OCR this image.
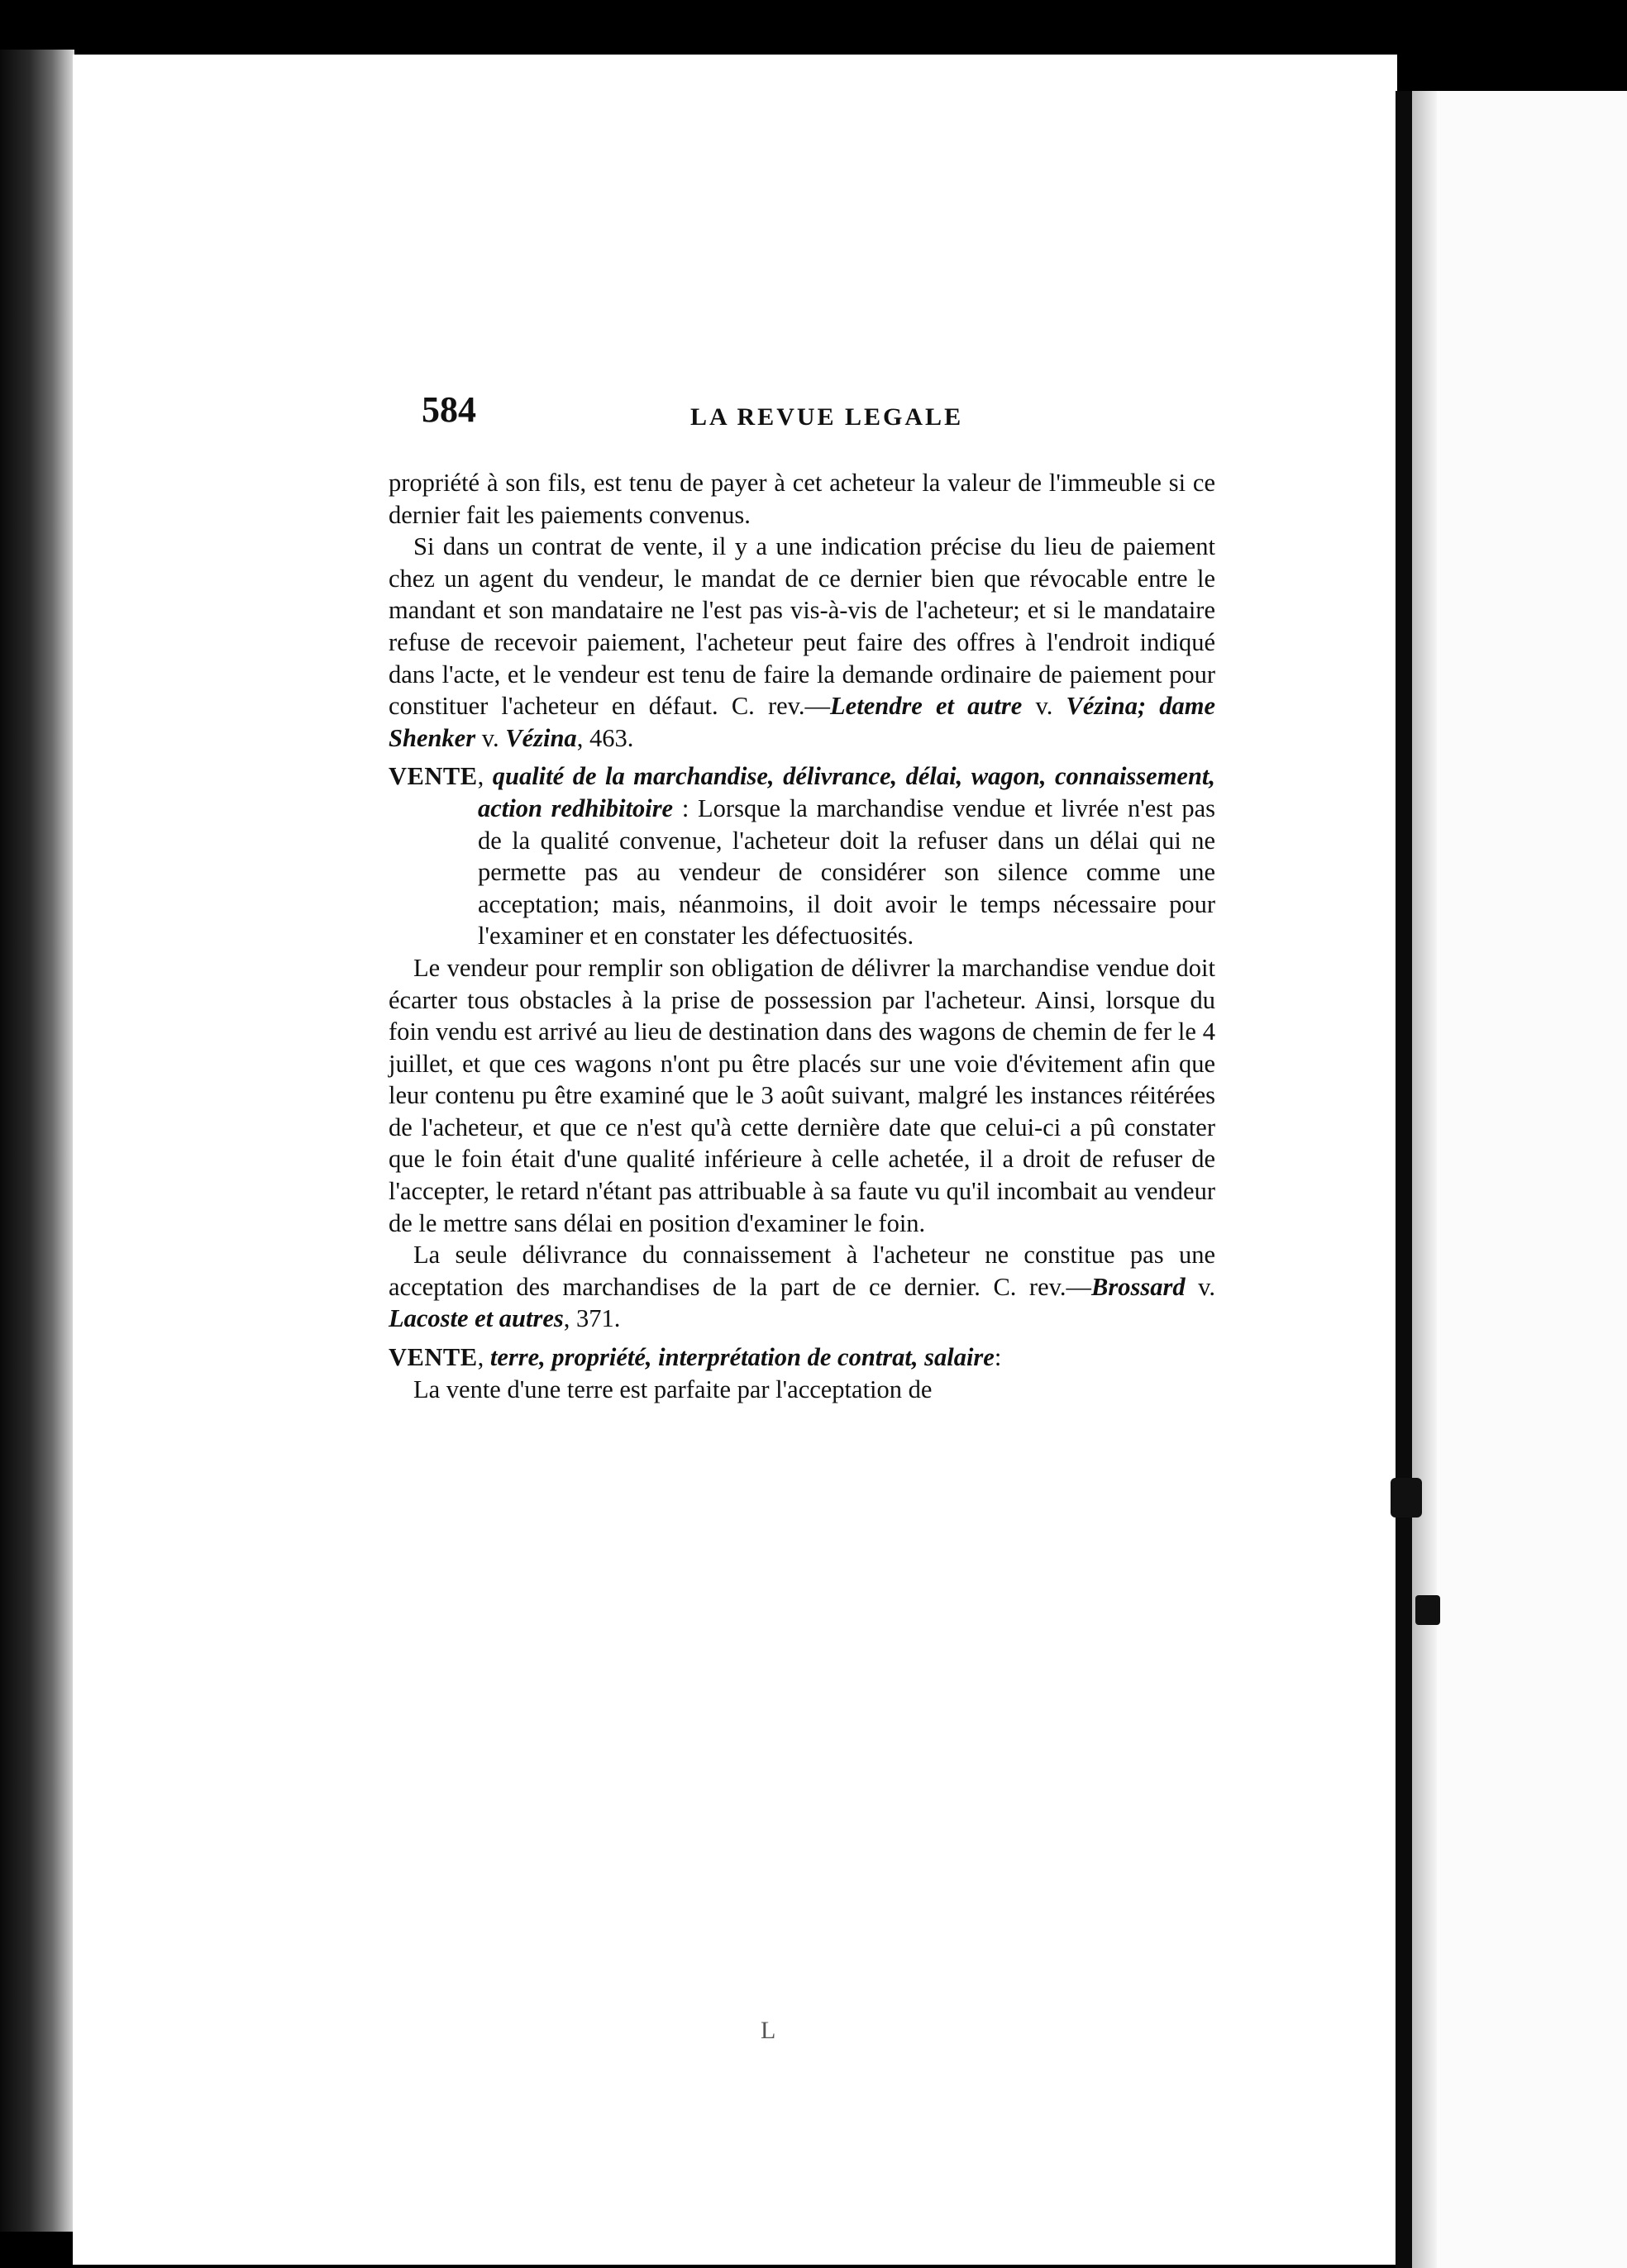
584	LA REVUE LEGALE

propriété à son fils, est tenu de payer à cet acheteur la valeur de l'immeuble si ce dernier fait les paiements convenus.

Si dans un contrat de vente, il y a une indication précise du lieu de paiement chez un agent du vendeur, le mandat de ce dernier bien que révocable entre le mandant et son mandataire ne l'est pas vis-à-vis de l'acheteur; et si le mandataire refuse de recevoir paiement, l'acheteur peut faire des offres à l'endroit indiqué dans l'acte, et le vendeur est tenu de faire la demande ordinaire de paiement pour constituer l'acheteur en défaut. C. rev.—Letendre et autre v. Vézina; dame Shenker v. Vézina, 463.

VENTE, qualité de la marchandise, délivrance, délai, wagon, connaissement, action redhibitoire : Lorsque la marchandise vendue et livrée n'est pas de la qualité convenue, l'acheteur doit la refuser dans un délai qui ne permette pas au vendeur de considérer son silence comme une acceptation; mais, néanmoins, il doit avoir le temps nécessaire pour l'examiner et en constater les défectuosités.

Le vendeur pour remplir son obligation de délivrer la marchandise vendue doit écarter tous obstacles à la prise de possession par l'acheteur. Ainsi, lorsque du foin vendu est arrivé au lieu de destination dans des wagons de chemin de fer le 4 juillet, et que ces wagons n'ont pu être placés sur une voie d'évitement afin que leur contenu pu être examiné que le 3 août suivant, malgré les instances réitérées de l'acheteur, et que ce n'est qu'à cette dernière date que celui-ci a pû constater que le foin était d'une qualité inférieure à celle achetée, il a droit de refuser de l'accepter, le retard n'étant pas attribuable à sa faute vu qu'il incombait au vendeur de le mettre sans délai en position d'examiner le foin.

La seule délivrance du connaissement à l'acheteur ne constitue pas une acceptation des marchandises de la part de ce dernier. C. rev.—Brossard v. Lacoste et autres, 371.

VENTE, terre, propriété, interprétation de contrat, salaire:

La vente d'une terre est parfaite par l'acceptation de

L
